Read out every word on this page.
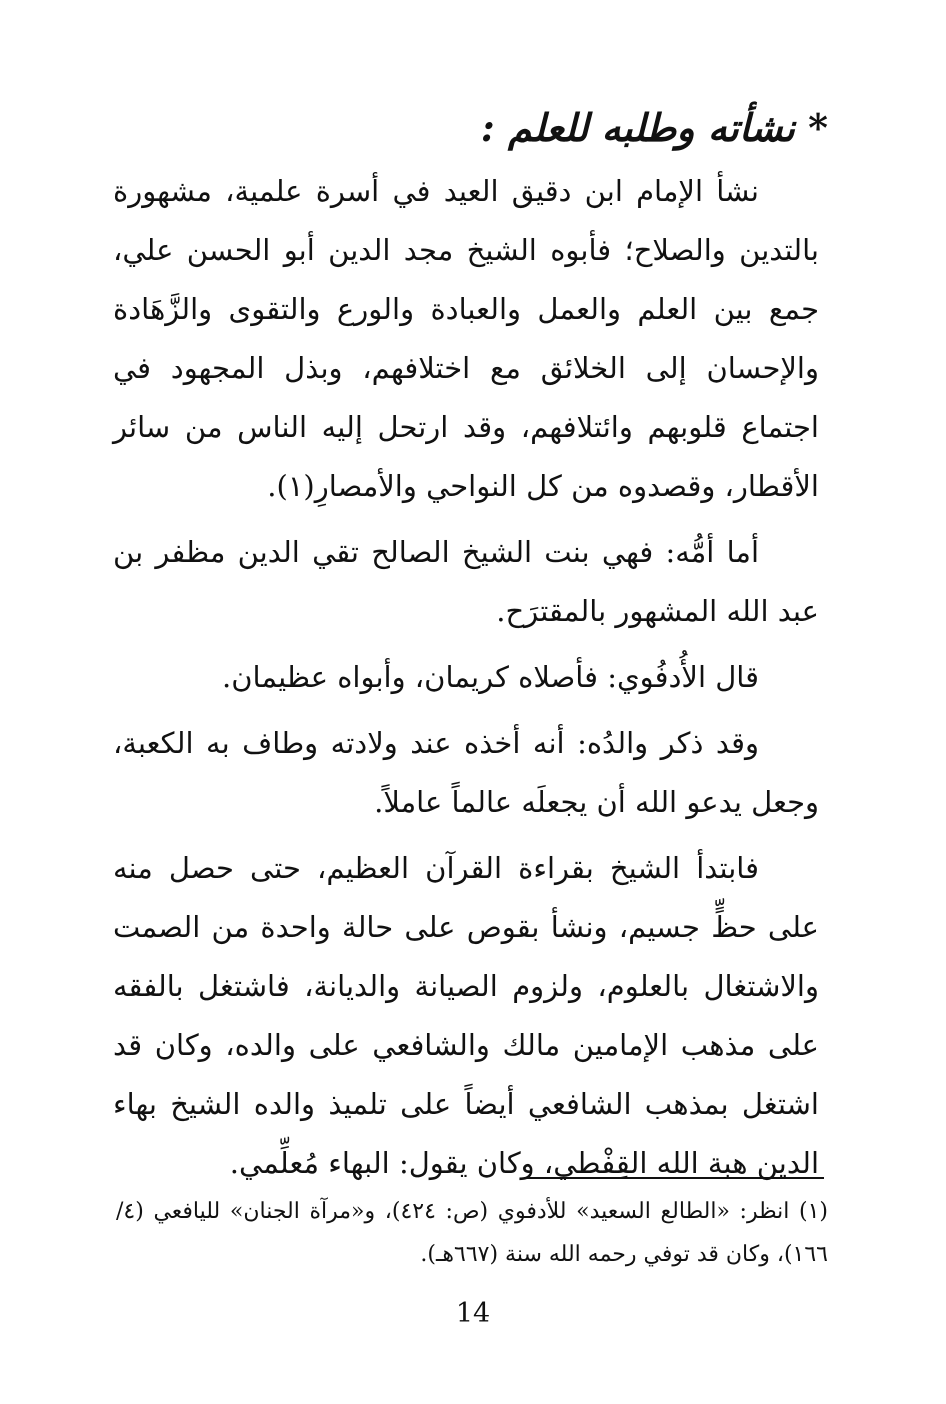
* نشأته وطلبه للعلم :

نشأ الإمام ابن دقيق العيد في أسرة علمية، مشهورة بالتدين والصلاح؛ فأبوه الشيخ مجد الدين أبو الحسن علي، جمع بين العلم والعمل والعبادة والورع والتقوى والزَّهَادة والإحسان إلى الخلائق مع اختلافهم، وبذل المجهود في اجتماع قلوبهم وائتلافهم، وقد ارتحل إليه الناس من سائر الأقطار، وقصدوه من كل النواحي والأمصارِ(١).

أما أمُّه: فهي بنت الشيخ الصالح تقي الدين مظفر بن عبد الله المشهور بالمقترَح.

قال الأُدفُوي: فأصلاه كريمان، وأبواه عظيمان.

وقد ذكر والدُه: أنه أخذه عند ولادته وطاف به الكعبة، وجعل يدعو الله أن يجعلَه عالماً عاملاً.

فابتدأ الشيخ بقراءة القرآن العظيم، حتى حصل منه على حظٍّ جسيم، ونشأ بقوص على حالة واحدة من الصمت والاشتغال بالعلوم، ولزوم الصيانة والديانة، فاشتغل بالفقه على مذهب الإمامين مالك والشافعي على والده، وكان قد اشتغل بمذهب الشافعي أيضاً على تلميذ والده الشيخ بهاء الدين هبة الله القِفْطي، وكان يقول: البهاء مُعلِّمي.

(١) انظر: «الطالع السعيد» للأدفوي (ص: ٤٢٤)، و«مرآة الجنان» لليافعي (٤/ ١٦٦)، وكان قد توفي رحمه الله سنة (٦٦٧هـ).
14
